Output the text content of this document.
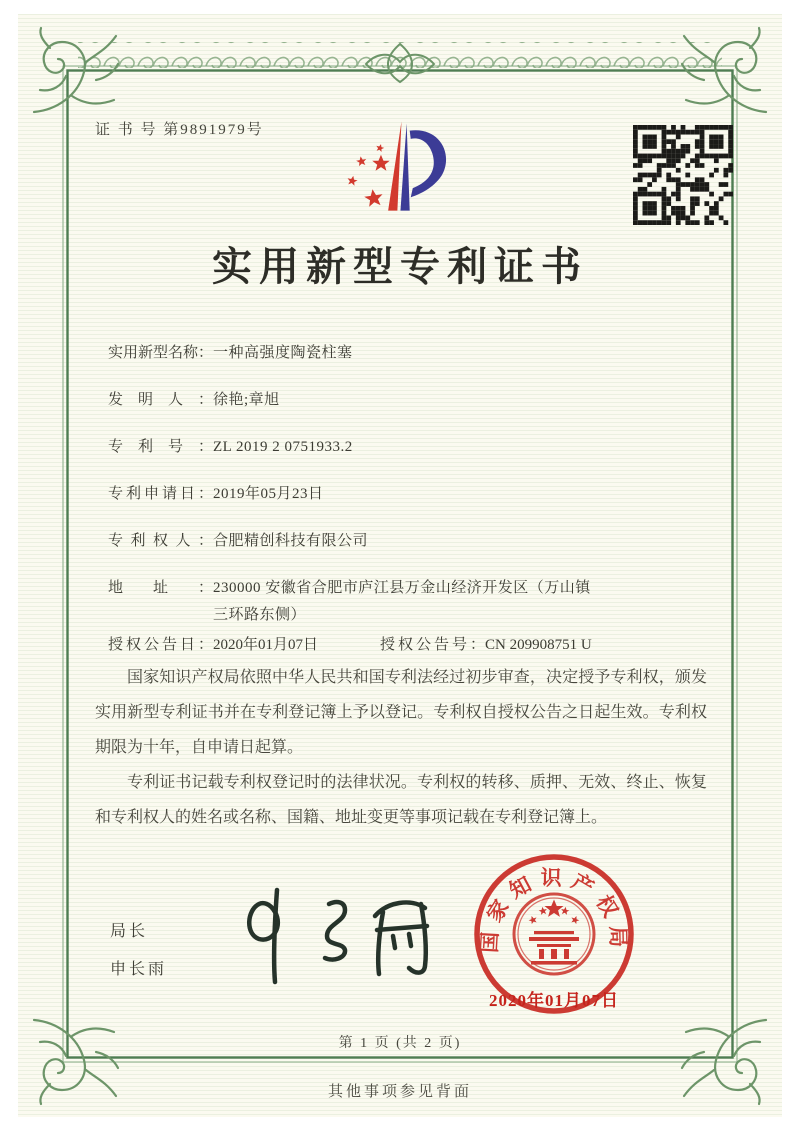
证 书 号 第9891979号
实用新型专利证书
实用新型名称： 一种高强度陶瓷柱塞
发明人： 徐艳;章旭
专利号： ZL 2019 2 0751933.2
专利申请日： 2019年05月23日
专利权人： 合肥精创科技有限公司
地址： 230000 安徽省合肥市庐江县万金山经济开发区（万山镇三环路东侧）
授权公告日：2020年01月07日	授权公告号：CN 209908751 U

国家知识产权局依照中华人民共和国专利法经过初步审查，决定授予专利权，颁发实用新型专利证书并在专利登记簿上予以登记。专利权自授权公告之日起生效。专利权期限为十年，自申请日起算。

专利证书记载专利权登记时的法律状况。专利权的转移、质押、无效、终止、恢复和专利权人的姓名或名称、国籍、地址变更等事项记载在专利登记簿上。

局长
申长雨
国家知识产权局
2020年01月07日
第 1 页 (共 2 页)
其他事项参见背面
